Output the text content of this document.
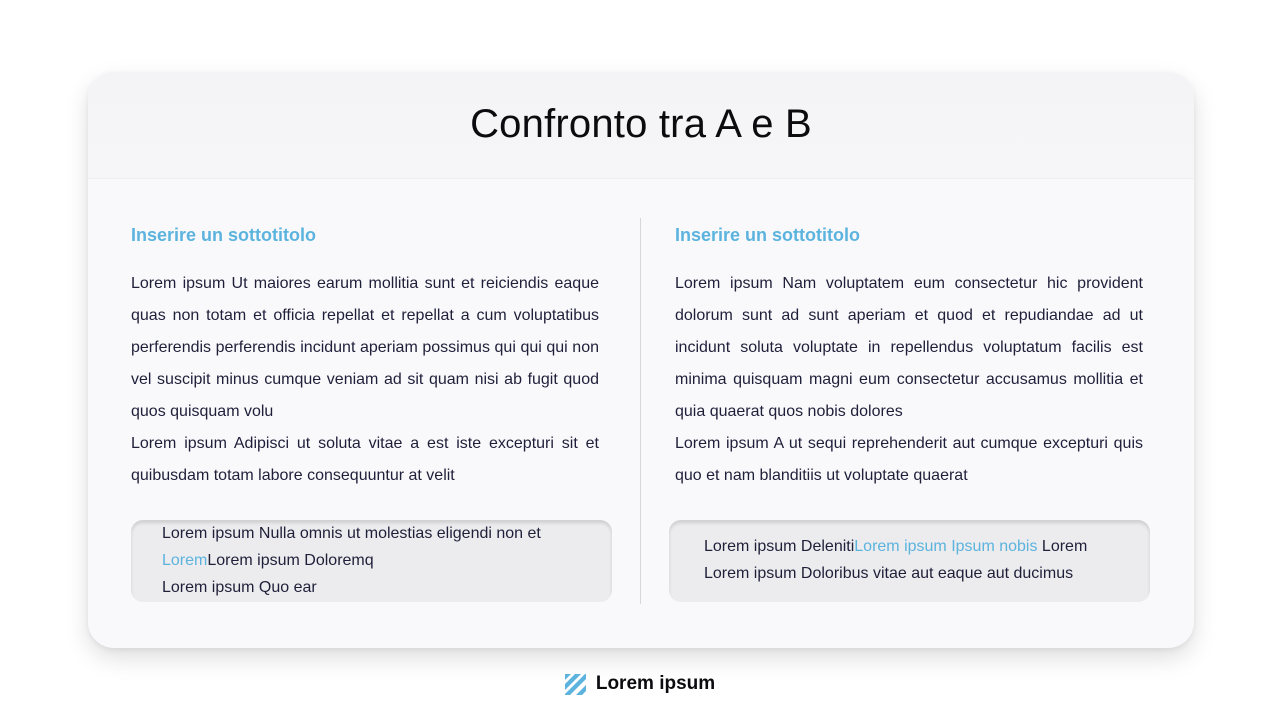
Confronto tra A e B
Inserire un sottotitolo

Lorem ipsum Ut maiores earum mollitia sunt et reiciendis eaque quas non totam et officia repellat et repellat a cum voluptatibus perferendis perferendis incidunt aperiam possimus qui qui qui non vel suscipit minus cumque veniam ad sit quam nisi ab fugit quod quos quisquam volu

Lorem ipsum Adipisci ut soluta vitae a est iste excepturi sit et quibusdam totam labore consequuntur at velit

Lorem ipsum Nulla omnis ut molestias eligendi non et
LoremLorem ipsum Doloremq
Lorem ipsum Quo ear
Inserire un sottotitolo

Lorem ipsum Nam voluptatem eum consectetur hic provident dolorum sunt ad sunt aperiam et quod et repudiandae ad ut incidunt soluta voluptate in repellendus voluptatum facilis est minima quisquam magni eum consectetur accusamus mollitia et quia quaerat quos nobis dolores

Lorem ipsum A ut sequi reprehenderit aut cumque excepturi quis quo et nam blanditiis ut voluptate quaerat

Lorem ipsum DelenitiLorem ipsum Ipsum nobis Lorem
Lorem ipsum Doloribus vitae aut eaque aut ducimus
Lorem ipsum
